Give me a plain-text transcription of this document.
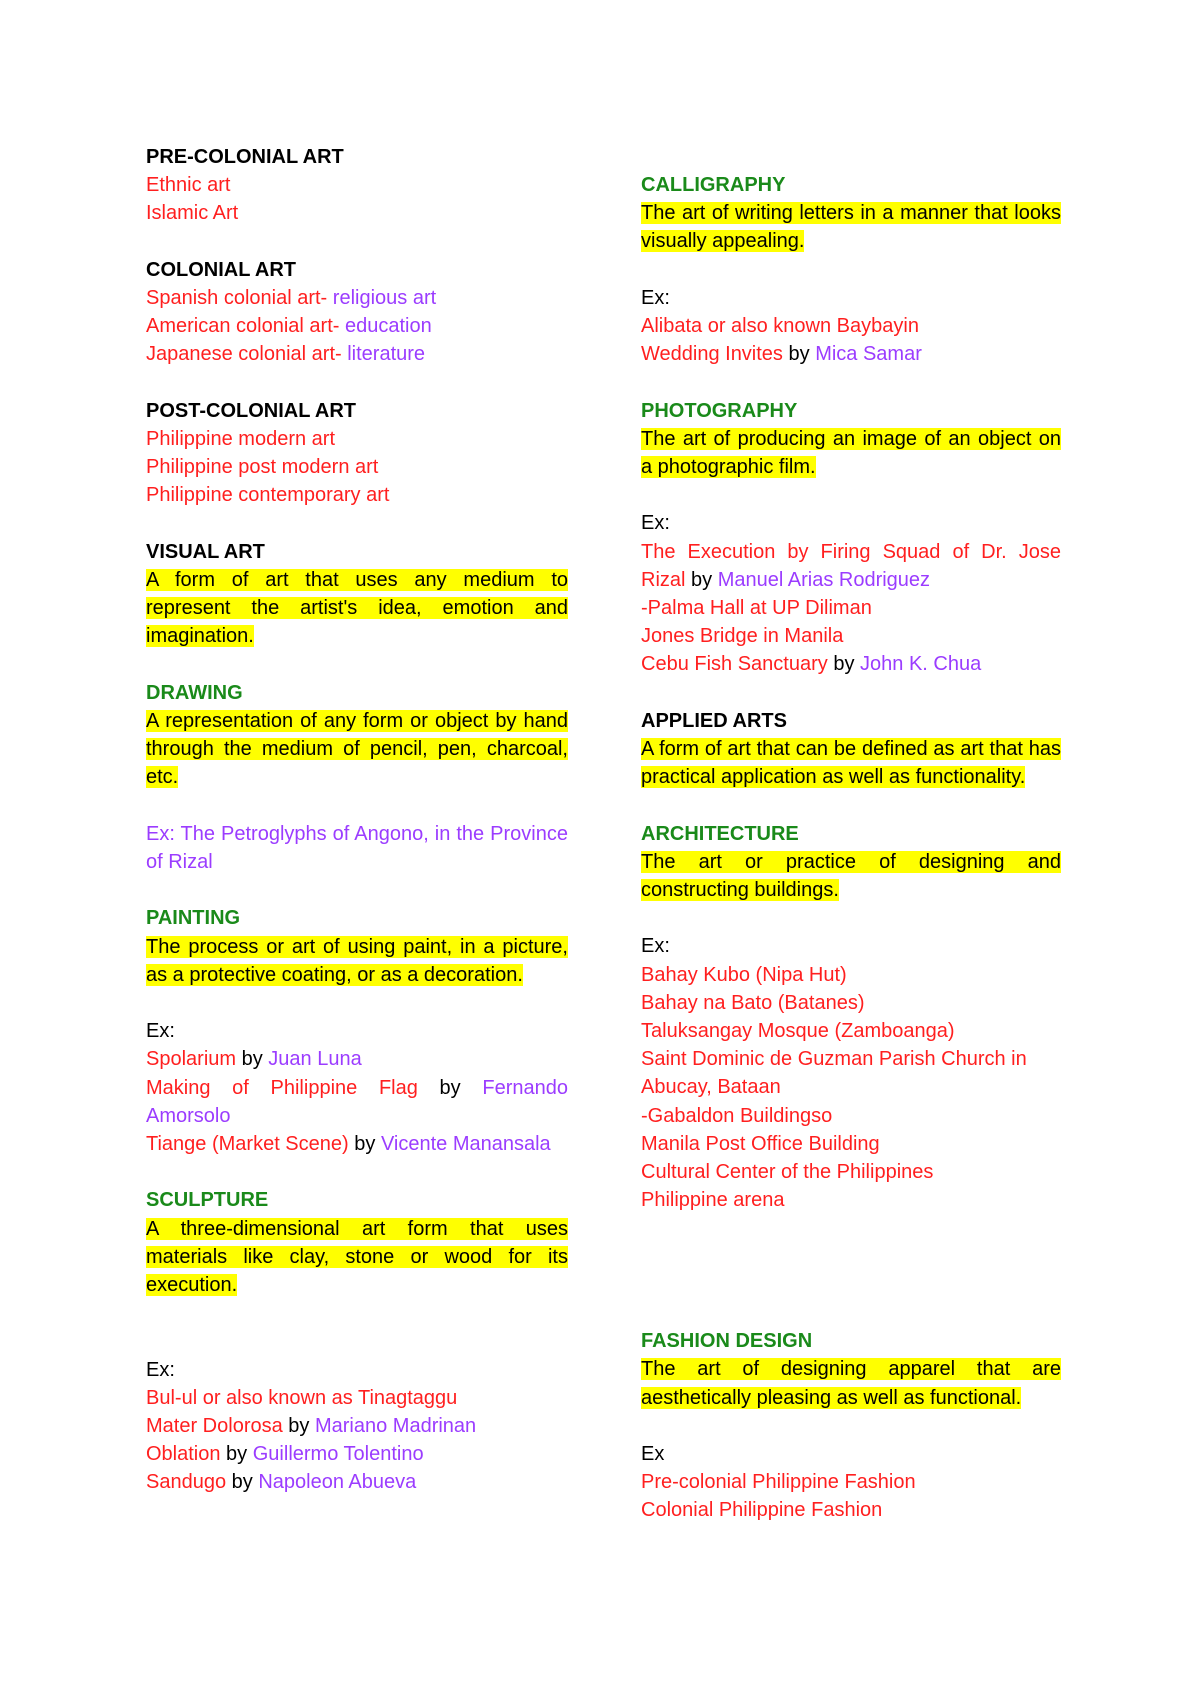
PRE-COLONIAL ART
Ethnic art
Islamic Art
COLONIAL ART
Spanish colonial art- religious art
American colonial art- education
Japanese colonial art- literature
POST-COLONIAL ART
Philippine modern art
Philippine post modern art
Philippine contemporary art
VISUAL ART
A form of art that uses any medium to represent the artist's idea, emotion and imagination.
DRAWING
A representation of any form or object by hand through the medium of pencil, pen, charcoal, etc.
Ex: The Petroglyphs of Angono, in the Province of Rizal
PAINTING
The process or art of using paint, in a picture, as a protective coating, or as a decoration.
Ex:
Spolarium by Juan Luna
Making of Philippine Flag by Fernando Amorsolo
Tiange (Market Scene) by Vicente Manansala
SCULPTURE
A three-dimensional art form that uses materials like clay, stone or wood for its execution.
Ex:
Bul-ul or also known as Tinagtaggu
Mater Dolorosa by Mariano Madrinan
Oblation by Guillermo Tolentino
Sandugo by Napoleon Abueva
CALLIGRAPHY
The art of writing letters in a manner that looks visually appealing.
Ex:
Alibata or also known Baybayin
Wedding Invites by Mica Samar
PHOTOGRAPHY
The art of producing an image of an object on a photographic film.
Ex:
The Execution by Firing Squad of Dr. Jose Rizal by Manuel Arias Rodriguez
-Palma Hall at UP Diliman
Jones Bridge in Manila
Cebu Fish Sanctuary by John K. Chua
APPLIED ARTS
A form of art that can be defined as art that has practical application as well as functionality.
ARCHITECTURE
The art or practice of designing and constructing buildings.
Ex:
Bahay Kubo (Nipa Hut)
Bahay na Bato (Batanes)
Taluksangay Mosque (Zamboanga)
Saint Dominic de Guzman Parish Church in Abucay, Bataan
-Gabaldon Buildingso
Manila Post Office Building
Cultural Center of the Philippines
Philippine arena
FASHION DESIGN
The art of designing apparel that are aesthetically pleasing as well as functional.
Ex
Pre-colonial Philippine Fashion
Colonial Philippine Fashion
